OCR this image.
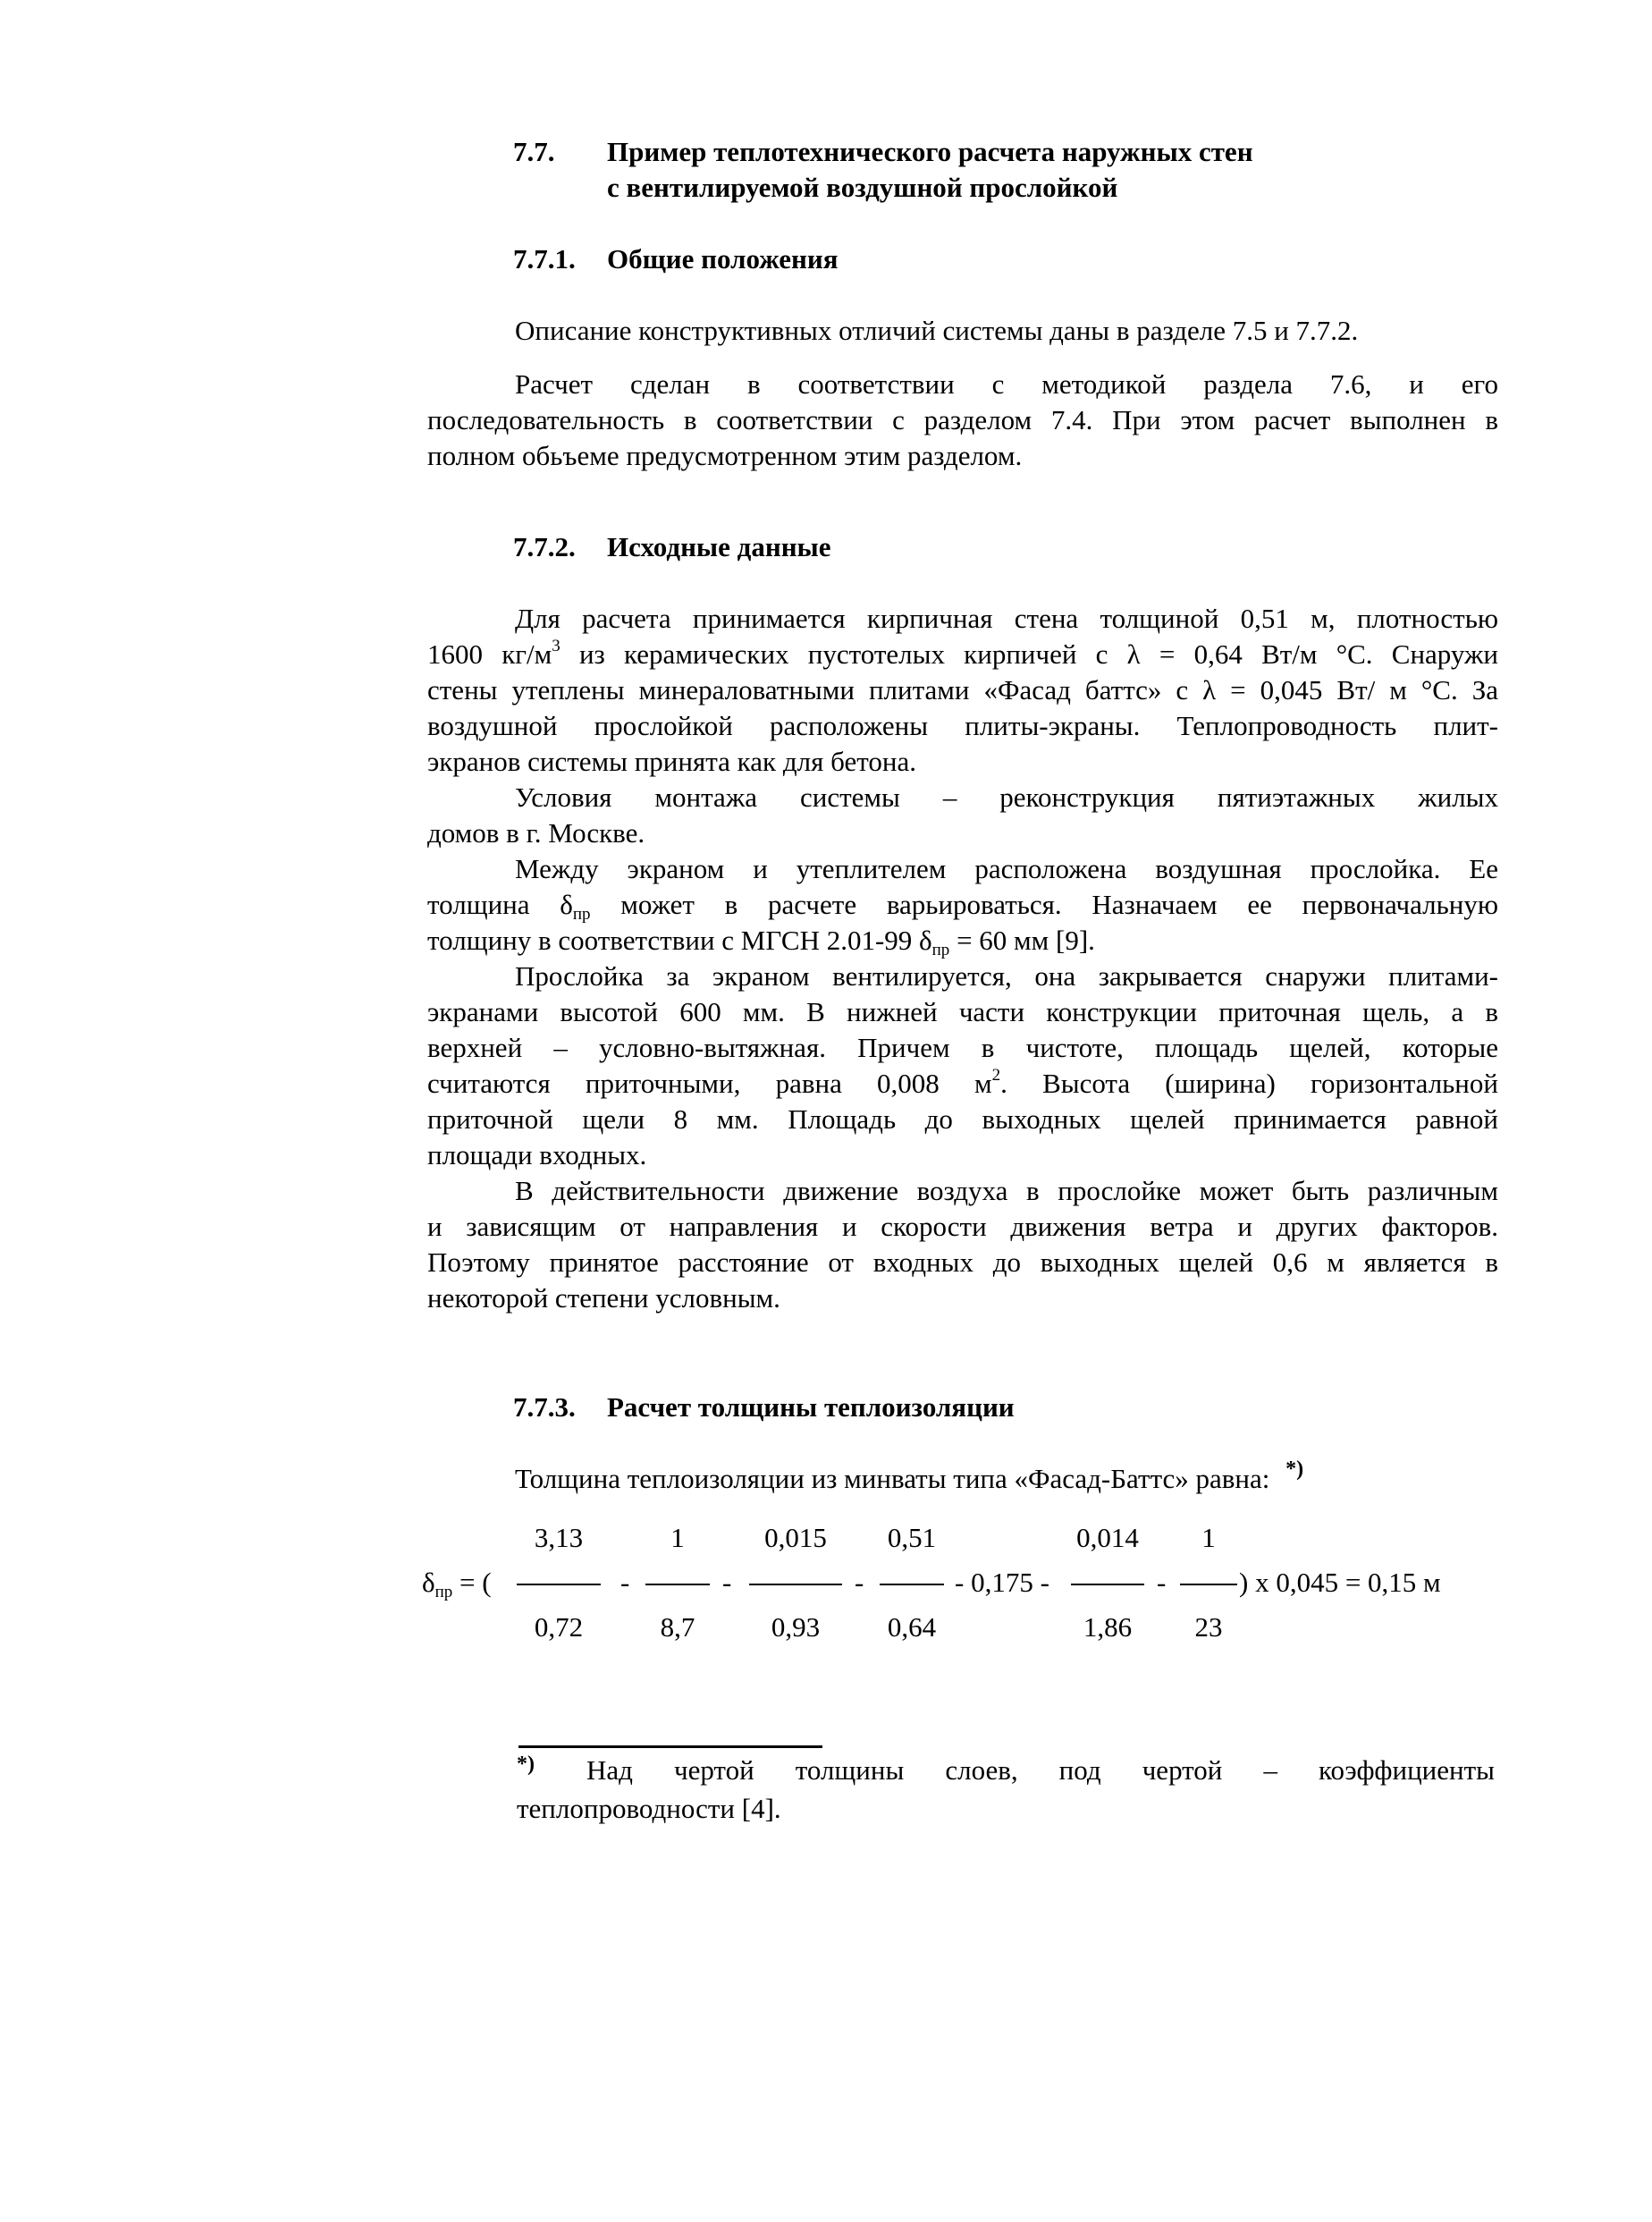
7.7. Пример теплотехнического расчета наружных стен
с вентилируемой воздушной прослойкой
7.7.1. Общие положения
Описание конструктивных отличий системы даны в разделе 7.5 и 7.7.2.
Расчет сделан в соответствии с методикой раздела 7.6, и его
последовательность в соответствии с разделом 7.4. При этом расчет выполнен в
полном обьъеме предусмотренном этим разделом.
7.7.2. Исходные данные
Для расчета принимается кирпичная стена толщиной 0,51 м, плотностью
1600 $кг/м^3$ из керамических пустотелых кирпичей с λ = 0,64 Вт/м °С. Снаружи
стены утеплены минераловатными плитами «Фасад баттс» с λ = 0,045 Вт/ м °С. За
воздушной прослойкой расположены плиты-экраны. Теплопроводность плит-
экранов системы принята как для бетона.
Условия монтажа системы – реконструкция пятиэтажных жилых
домов в г. Москве.
Между экраном и утеплителем расположена воздушная прослойка. Ее
толщина $\delta_{пр}$ может в расчете варьироваться. Назначаем ее первоначальную
толщину в соответствии с МГСН 2.01-99 $\delta_{пр} = 60$ мм [9].
Прослойка за экраном вентилируется, она закрывается снаружи плитами-
экранами высотой 600 мм. В нижней части конструкции приточная щель, а в
верхней – условно-вытяжная. Причем в чистоте, площадь щелей, которые
считаются приточными, равна 0,008 $м^2$. Высота (ширина) горизонтальной
приточной щели 8 мм. Площадь до выходных щелей принимается равной
площади входных.
В действительности движение воздуха в прослойке может быть различным
и зависящим от направления и скорости движения ветра и других факторов.
Поэтому принятое расстояние от входных до выходных щелей 0,6 м является в
некоторой степени условным.
7.7.3. Расчет толщины теплоизоляции
Толщина теплоизоляции из минваты типа «Фасад-Баттс» равна: *)
$\delta_{пр}$ = (
3,13
0,72
-
1
8,7
-
0,015
0,93
-
0,51
0,64
- 0,175 -
0,014
1,86
-
1
23
) х 0,045 = 0,15 м
*) Над чертой толщины слоев, под чертой – коэффициенты
теплопроводности [4].
